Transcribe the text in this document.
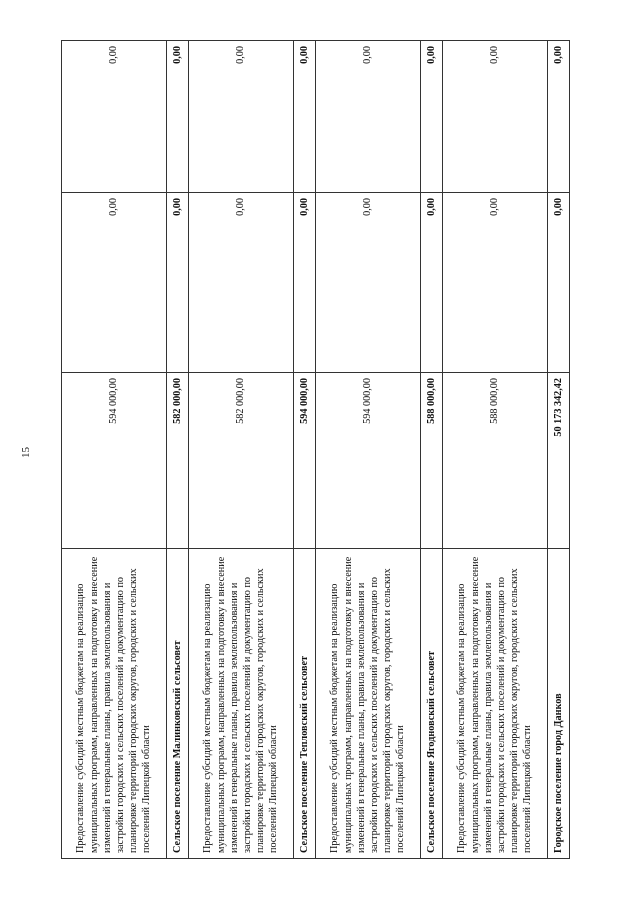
15
Предоставление субсидий местным бюджетам на реализацию муниципальных программ, направленных на подготовку и внесение изменений в генеральные планы, правила землепользования и застройки городских и сельских поселений и документацию по планировке территорий городских округов, городских и сельских поселений Липецкой области	594 000,00	0,00	0,00
Сельское поселение Малинковский сельсовет	582 000,00	0,00	0,00
Предоставление субсидий местным бюджетам на реализацию муниципальных программ, направленных на подготовку и внесение изменений в генеральные планы, правила землепользования и застройки городских и сельских поселений и документацию по планировке территорий городских округов, городских и сельских поселений Липецкой области	582 000,00	0,00	0,00
Сельское поселение Тепловский сельсовет	594 000,00	0,00	0,00
Предоставление субсидий местным бюджетам на реализацию муниципальных программ, направленных на подготовку и внесение изменений в генеральные планы, правила землепользования и застройки городских и сельских поселений и документацию по планировке территорий городских округов, городских и сельских поселений Липецкой области	594 000,00	0,00	0,00
Сельское поселение Ягодновский сельсовет	588 000,00	0,00	0,00
Предоставление субсидий местным бюджетам на реализацию муниципальных программ, направленных на подготовку и внесение изменений в генеральные планы, правила землепользования и застройки городских и сельских поселений и документацию по планировке территорий городских округов, городских и сельских поселений Липецкой области	588 000,00	0,00	0,00
Городское поселение город Данков	50 173 342,42	0,00	0,00
